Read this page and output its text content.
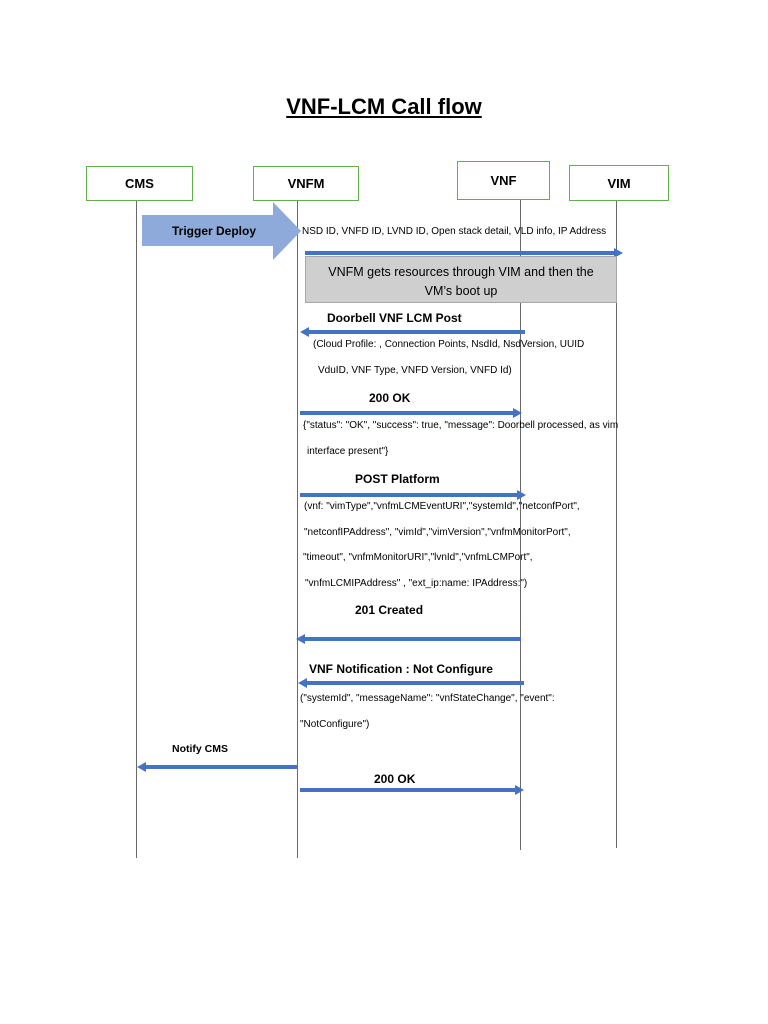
VNF-LCM Call flow
CMS	VNFM	VNF	VIM
Trigger Deploy	NSD ID, VNFD ID, LVND ID, Open stack detail, VLD info, IP Address
VNFM gets resources through VIM and then the
VM’s boot up
Doorbell VNF LCM Post
(Cloud Profile: , Connection Points, NsdId, NsdVersion, UUID
VduID, VNF Type, VNFD Version, VNFD Id)
200 OK
{"status": "OK", "success": true, "message": Doorbell processed, as vim
interface present"}
POST Platform
(vnf: "vimType","vnfmLCMEventURI","systemId","netconfPort",
"netconfIPAddress", "vimId","vimVersion","vnfmMonitorPort",
"timeout", "vnfmMonitorURI","lvnId","vnfmLCMPort",
"vnfmLCMIPAddress" , "ext_ip:name: IPAddress:")
201 Created
VNF Notification : Not Configure
("systemId", "messageName": "vnfStateChange", "event":
"NotConfigure")
Notify CMS
200 OK
